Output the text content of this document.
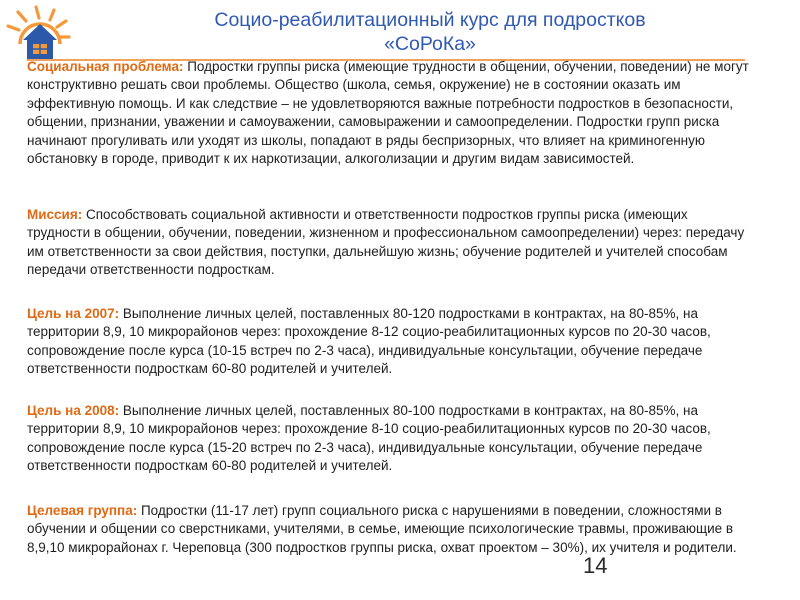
Социо-реабилитационный курс для подростков
«СоРоКа»
Социальная проблема: Подростки группы риска (имеющие трудности в общении, обучении, поведении) не могут конструктивно решать свои проблемы. Общество (школа, семья, окружение) не в состоянии оказать им эффективную помощь. И как следствие – не удовлетворяются важные потребности подростков в безопасности, общении, признании, уважении и самоуважении, самовыражении и самоопределении. Подростки групп риска начинают прогуливать или уходят из школы, попадают в ряды беспризорных, что влияет на криминогенную обстановку в городе, приводит к их наркотизации, алкоголизации и другим видам зависимостей.
Миссия: Способствовать социальной активности и ответственности подростков группы риска (имеющих трудности в общении, обучении, поведении, жизненном и профессиональном самоопределении) через: передачу им ответственности за свои действия, поступки, дальнейшую жизнь; обучение родителей и учителей способам передачи ответственности подросткам.
Цель на 2007: Выполнение личных целей, поставленных 80-120 подростками в контрактах, на 80-85%, на территории 8,9, 10 микрорайонов через: прохождение 8-12 социо-реабилитационных курсов по 20-30 часов, сопровождение после курса (10-15 встреч по 2-3 часа), индивидуальные консультации, обучение передаче ответственности подросткам 60-80 родителей и учителей.
Цель на 2008: Выполнение личных целей, поставленных 80-100 подростками в контрактах, на 80-85%, на территории 8,9, 10 микрорайонов через: прохождение 8-10 социо-реабилитационных курсов по 20-30 часов, сопровождение после курса (15-20 встреч по 2-3 часа), индивидуальные консультации, обучение передаче ответственности подросткам 60-80 родителей и учителей.
Целевая группа: Подростки (11-17 лет) групп социального риска с нарушениями в поведении, сложностями в обучении и общении со сверстниками, учителями, в семье, имеющие психологические травмы, проживающие в 8,9,10 микрорайонах г. Череповца (300 подростков группы риска, охват проектом – 30%), их учителя и родители.
14
